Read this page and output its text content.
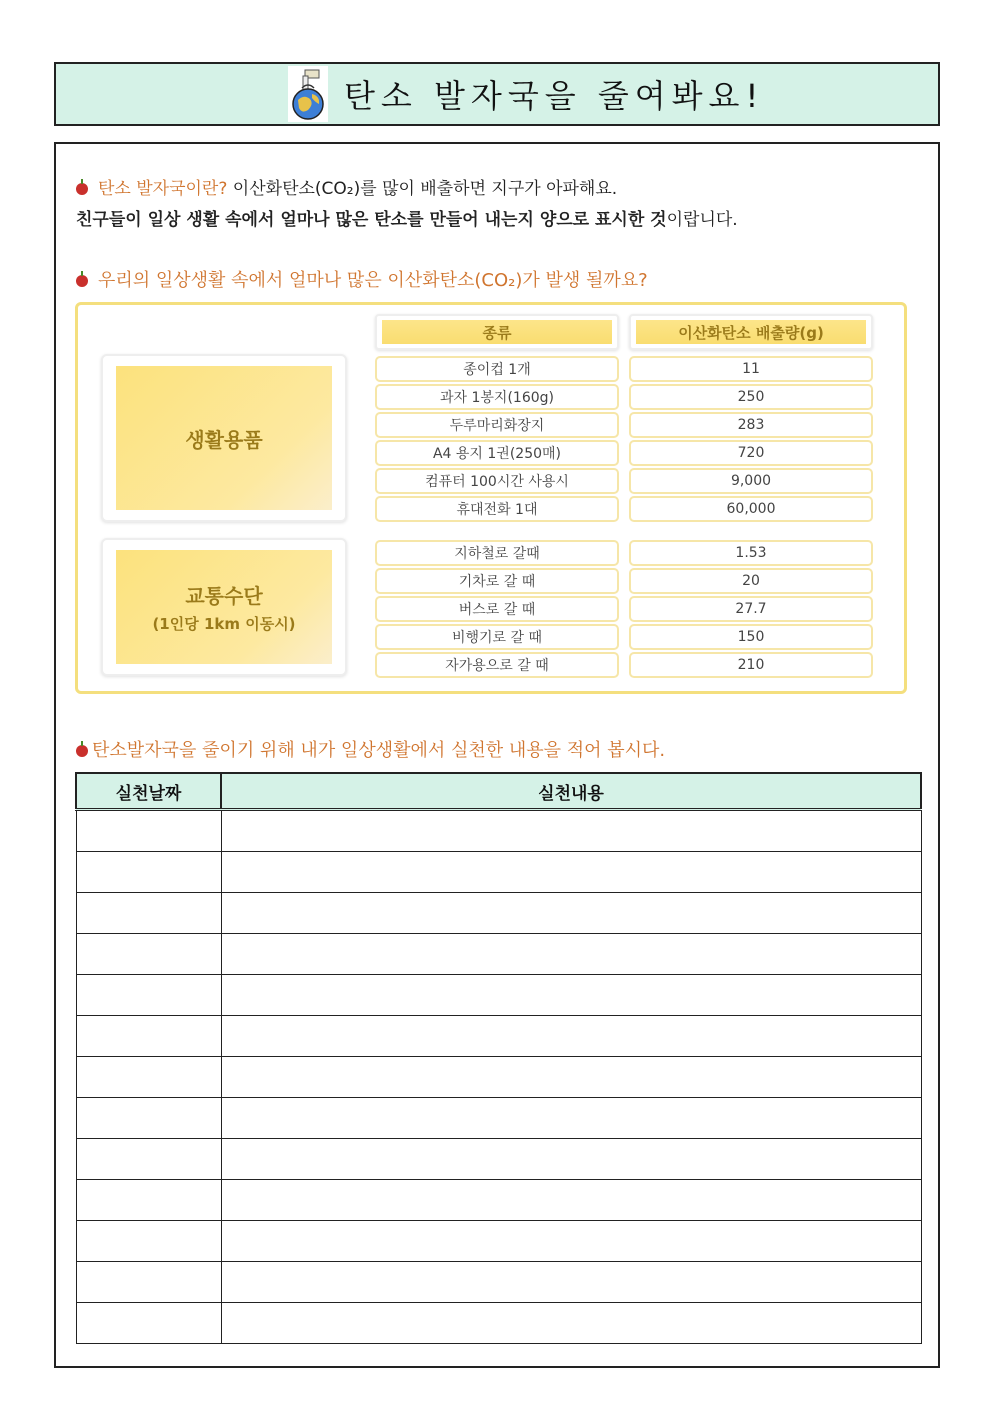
탄소 발자국을 줄여봐요!
탄소 발자국이란? 이산화탄소(CO₂)를 많이 배출하면 지구가 아파해요.
친구들이 일상 생활 속에서 얼마나 많은 탄소를 만들어 내는지 양으로 표시한 것이랍니다.
우리의 일상생활 속에서 얼마나 많은 이산화탄소(CO₂)가 발생 될까요?
생활용품
교통수단
(1인당 1km 이동시)
종류	이산화탄소 배출량(g)
종이컵 1개	11
과자 1봉지(160g)	250
두루마리화장지	283
A4 용지 1권(250매)	720
컴퓨터 100시간 사용시	9,000
휴대전화 1대	60,000
지하철로 갈때	1.53
기차로 갈 때	20
버스로 갈 때	27.7
비행기로 갈 때	150
자가용으로 갈 때	210
탄소발자국을 줄이기 위해 내가 일상생활에서 실천한 내용을 적어 봅시다.
실천날짜	실천내용
